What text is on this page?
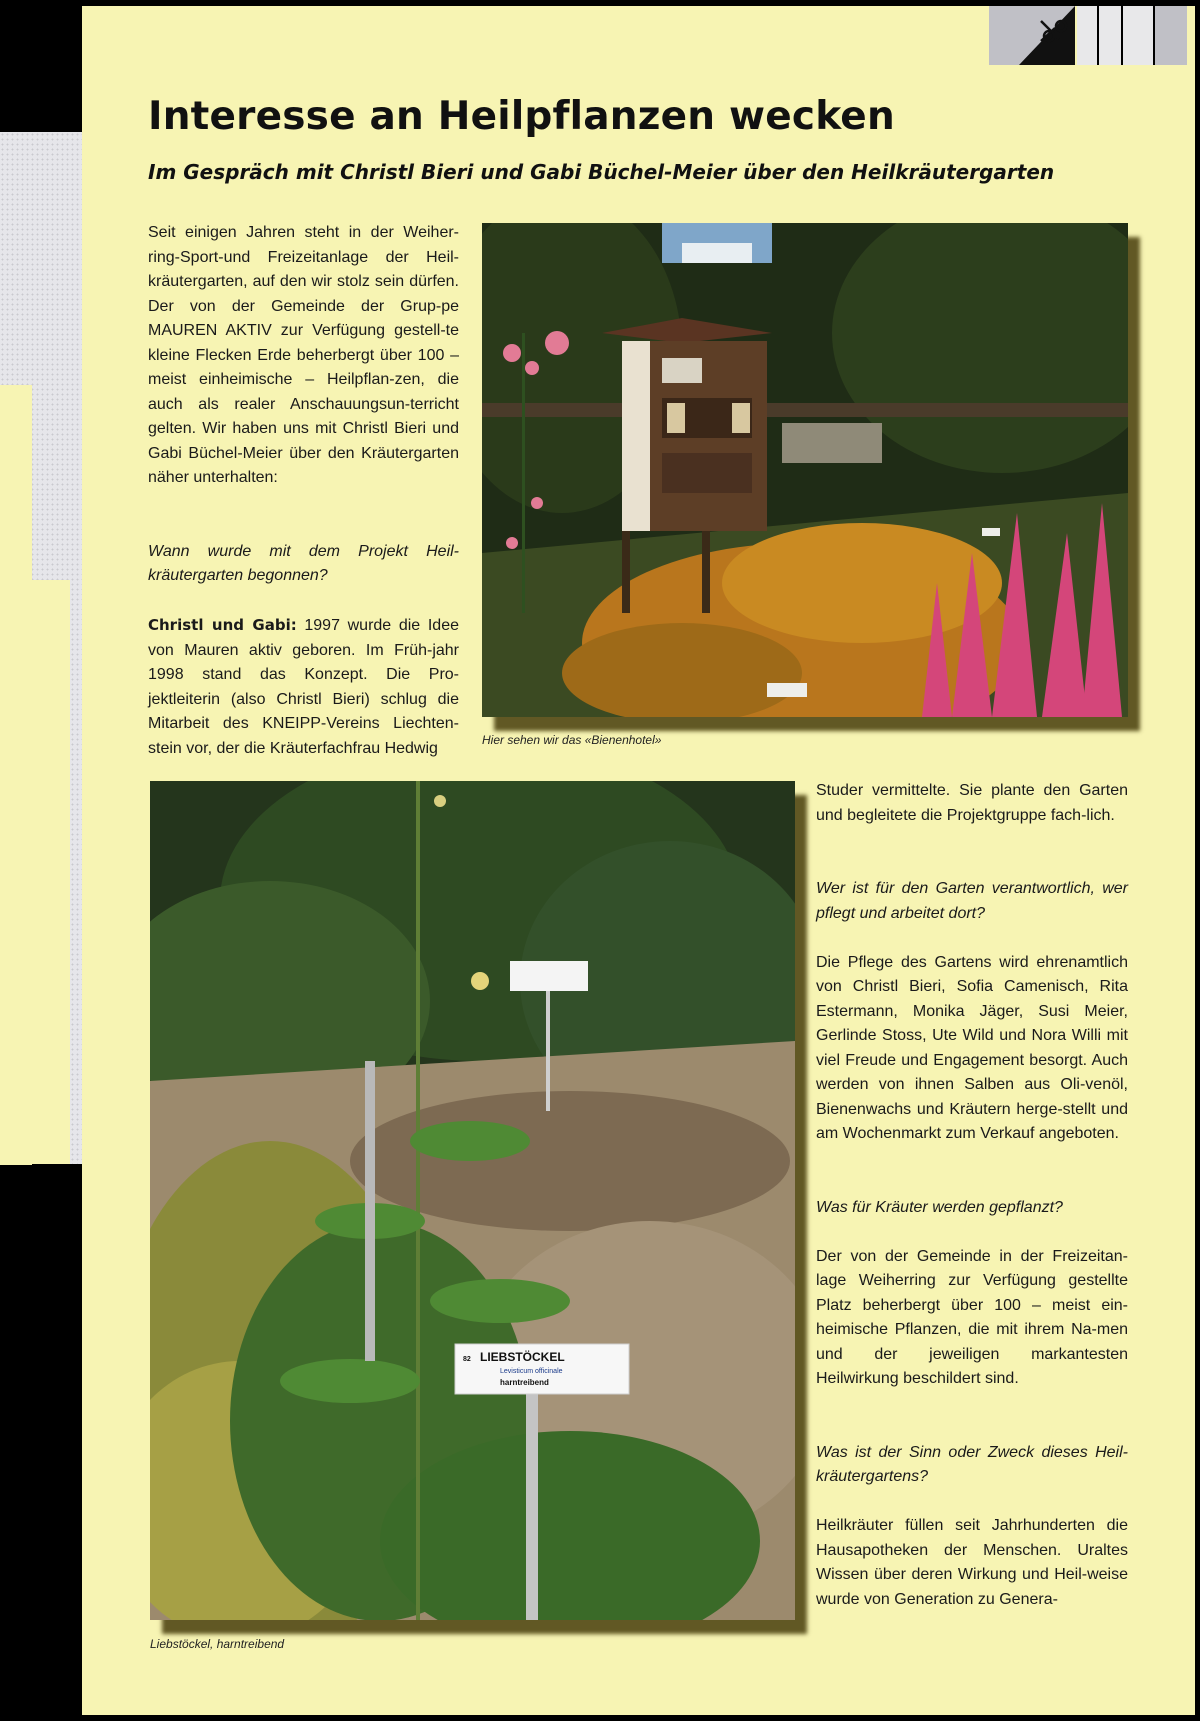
Interesse an Heilpflanzen wecken
Im Gespräch mit Christl Bieri und Gabi Büchel-Meier über den Heilkräutergarten

Seit einigen Jahren steht in der Weiher-ring-Sport-und Freizeitanlage der Heil-kräutergarten, auf den wir stolz sein dürfen. Der von der Gemeinde der Grup-pe MAUREN AKTIV zur Verfügung gestell-te kleine Flecken Erde beherbergt über 100 – meist einheimische – Heilpflan-zen, die auch als realer Anschauungsun-terricht gelten. Wir haben uns mit Christl Bieri und Gabi Büchel-Meier über den Kräutergarten näher unterhalten:

Wann wurde mit dem Projekt Heil-kräutergarten begonnen?

Christl und Gabi: 1997 wurde die Idee von Mauren aktiv geboren. Im Früh-jahr 1998 stand das Konzept. Die Pro-jektleiterin (also Christl Bieri) schlug die Mitarbeit des KNEIPP-Vereins Liechten-stein vor, der die Kräuterfachfrau Hedwig	Hier sehen wir das «Bienenhotel»
82 LIEBSTÖCKEL
Levisticum officinale
harntreibend
Liebstöckel, harntreibend

Studer vermittelte. Sie plante den Garten und begleitete die Projektgruppe fach-lich.

Wer ist für den Garten verantwortlich, wer pflegt und arbeitet dort?

Die Pflege des Gartens wird ehrenamtlich von Christl Bieri, Sofia Camenisch, Rita Estermann, Monika Jäger, Susi Meier, Gerlinde Stoss, Ute Wild und Nora Willi mit viel Freude und Engagement besorgt. Auch werden von ihnen Salben aus Oli-venöl, Bienenwachs und Kräutern herge-stellt und am Wochenmarkt zum Verkauf angeboten.

Was für Kräuter werden gepflanzt?

Der von der Gemeinde in der Freizeitan-lage Weiherring zur Verfügung gestellte Platz beherbergt über 100 – meist ein-heimische Pflanzen, die mit ihrem Na-men und der jeweiligen markantesten Heilwirkung beschildert sind.

Was ist der Sinn oder Zweck dieses Heil-kräutergartens?

Heilkräuter füllen seit Jahrhunderten die Hausapotheken der Menschen. Uraltes Wissen über deren Wirkung und Heil-weise wurde von Generation zu Genera-
